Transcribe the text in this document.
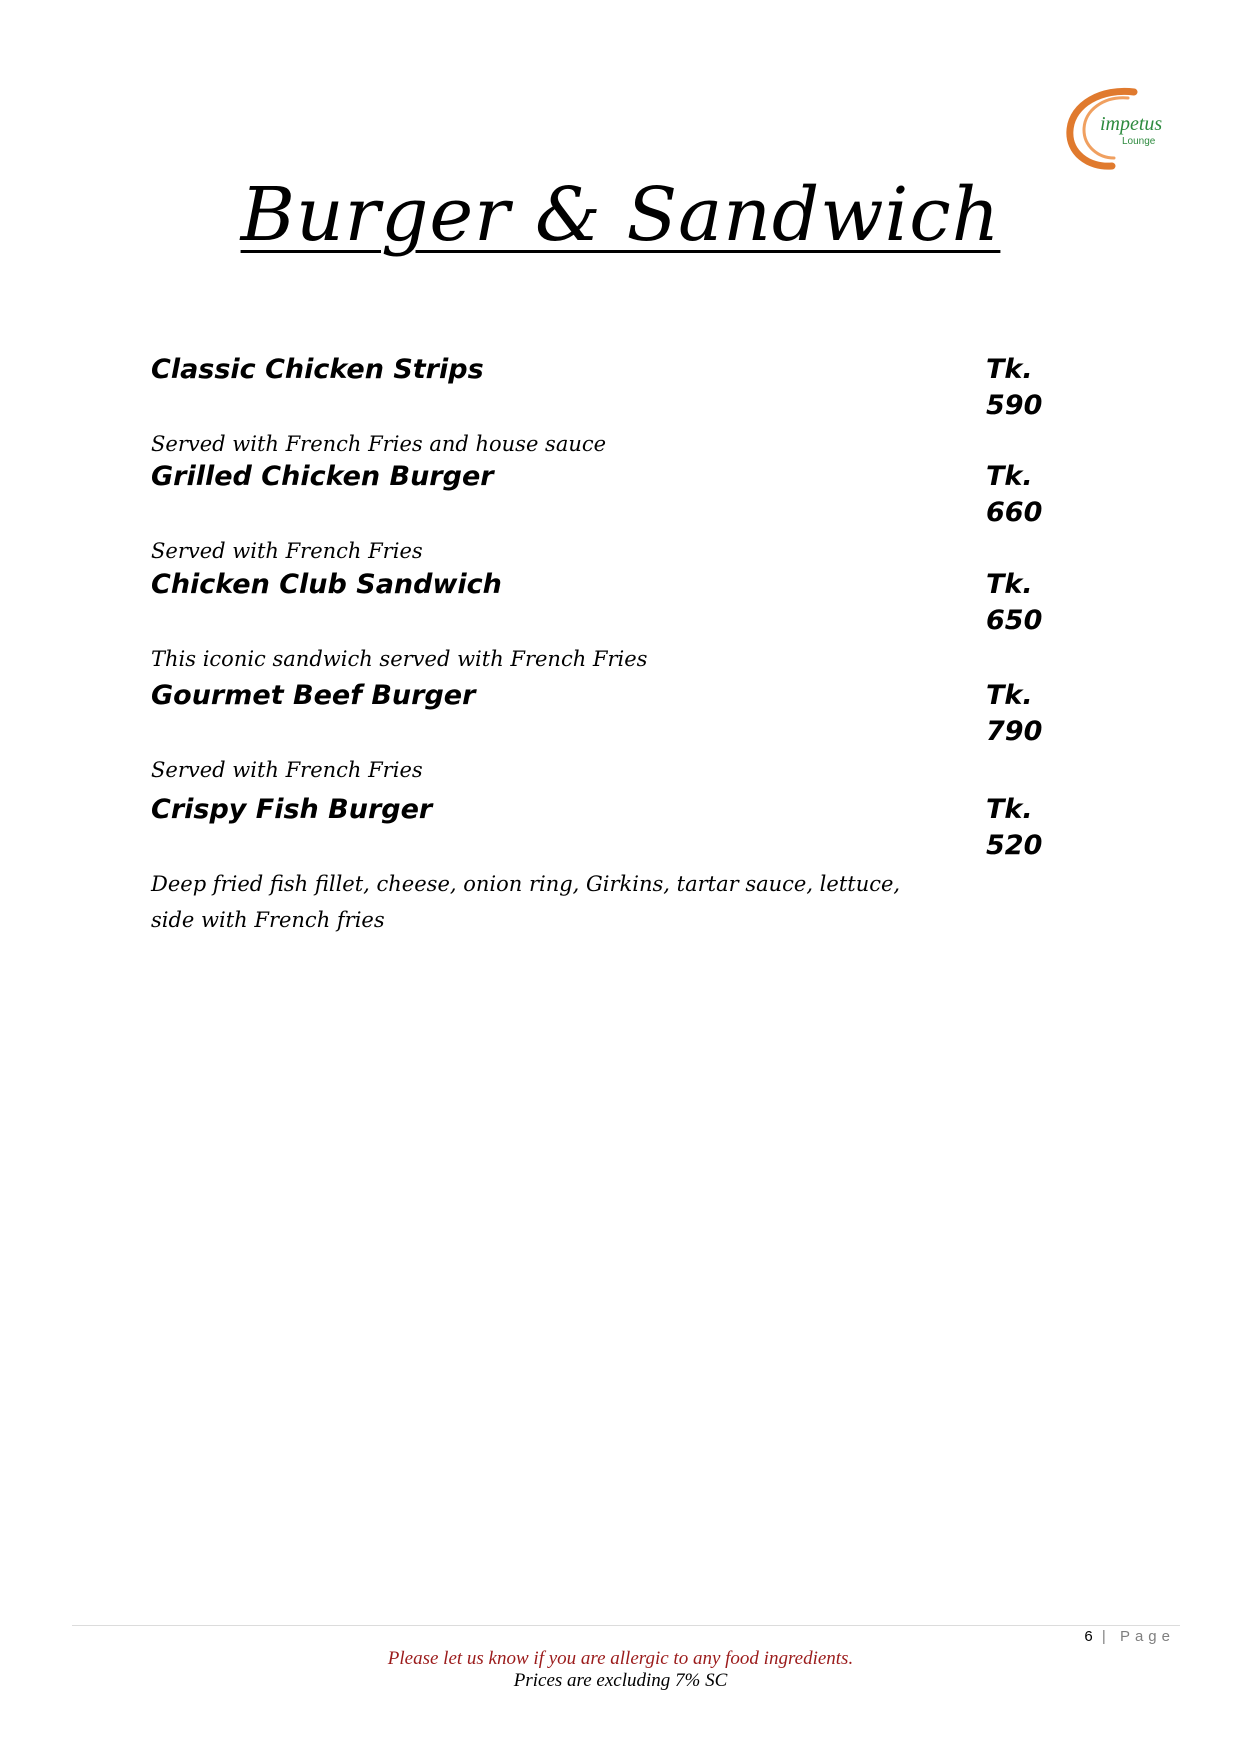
impetus
Lounge
Burger & Sandwich
Classic Chicken Strips	Tk. 590
Served with French Fries and house sauce
Grilled Chicken Burger	Tk. 660
Served with French Fries
Chicken Club Sandwich	Tk. 650
This iconic sandwich served with French Fries
Gourmet Beef Burger	Tk. 790
Served with French Fries
Crispy Fish Burger	Tk. 520
Deep fried fish fillet, cheese, onion ring, Girkins, tartar sauce, lettuce, side with French fries
6 | Page
Please let us know if you are allergic to any food ingredients.
Prices are excluding 7% SC
